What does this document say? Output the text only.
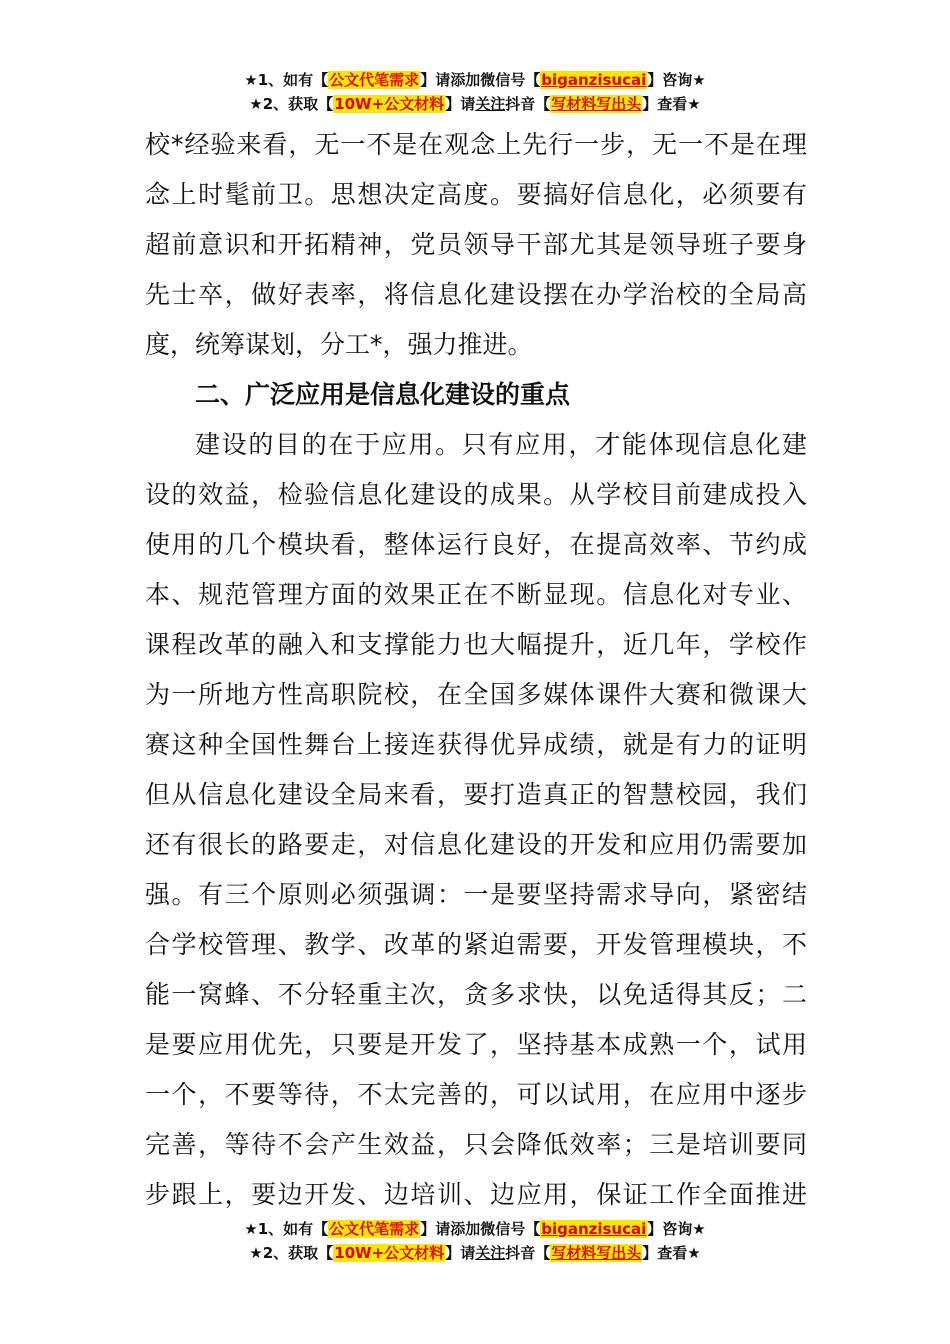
★1、如有【公文代笔需求】请添加微信号【biganzisucai】咨询★
★2、获取【10W+公文材料】请关注抖音【写材料写出头】查看★
校*经验来看，无一不是在观念上先行一步，无一不是在理
念上时髦前卫。思想决定高度。要搞好信息化，必须要有
超前意识和开拓精神，党员领导干部尤其是领导班子要身
先士卒，做好表率，将信息化建设摆在办学治校的全局高
度，统筹谋划，分工*，强力推进。
二、广泛应用是信息化建设的重点
建设的目的在于应用。只有应用，才能体现信息化建
设的效益，检验信息化建设的成果。从学校目前建成投入
使用的几个模块看，整体运行良好，在提高效率、节约成
本、规范管理方面的效果正在不断显现。信息化对专业、
课程改革的融入和支撑能力也大幅提升，近几年，学校作
为一所地方性高职院校，在全国多媒体课件大赛和微课大
赛这种全国性舞台上接连获得优异成绩，就是有力的证明
但从信息化建设全局来看，要打造真正的智慧校园，我们
还有很长的路要走，对信息化建设的开发和应用仍需要加
强。有三个原则必须强调：一是要坚持需求导向，紧密结
合学校管理、教学、改革的紧迫需要，开发管理模块，不
能一窝蜂、不分轻重主次，贪多求快，以免适得其反；二
是要应用优先，只要是开发了，坚持基本成熟一个，试用
一个，不要等待，不太完善的，可以试用，在应用中逐步
完善，等待不会产生效益，只会降低效率；三是培训要同
步跟上，要边开发、边培训、边应用，保证工作全面推进
★1、如有【公文代笔需求】请添加微信号【biganzisucai】咨询★
★2、获取【10W+公文材料】请关注抖音【写材料写出头】查看★
